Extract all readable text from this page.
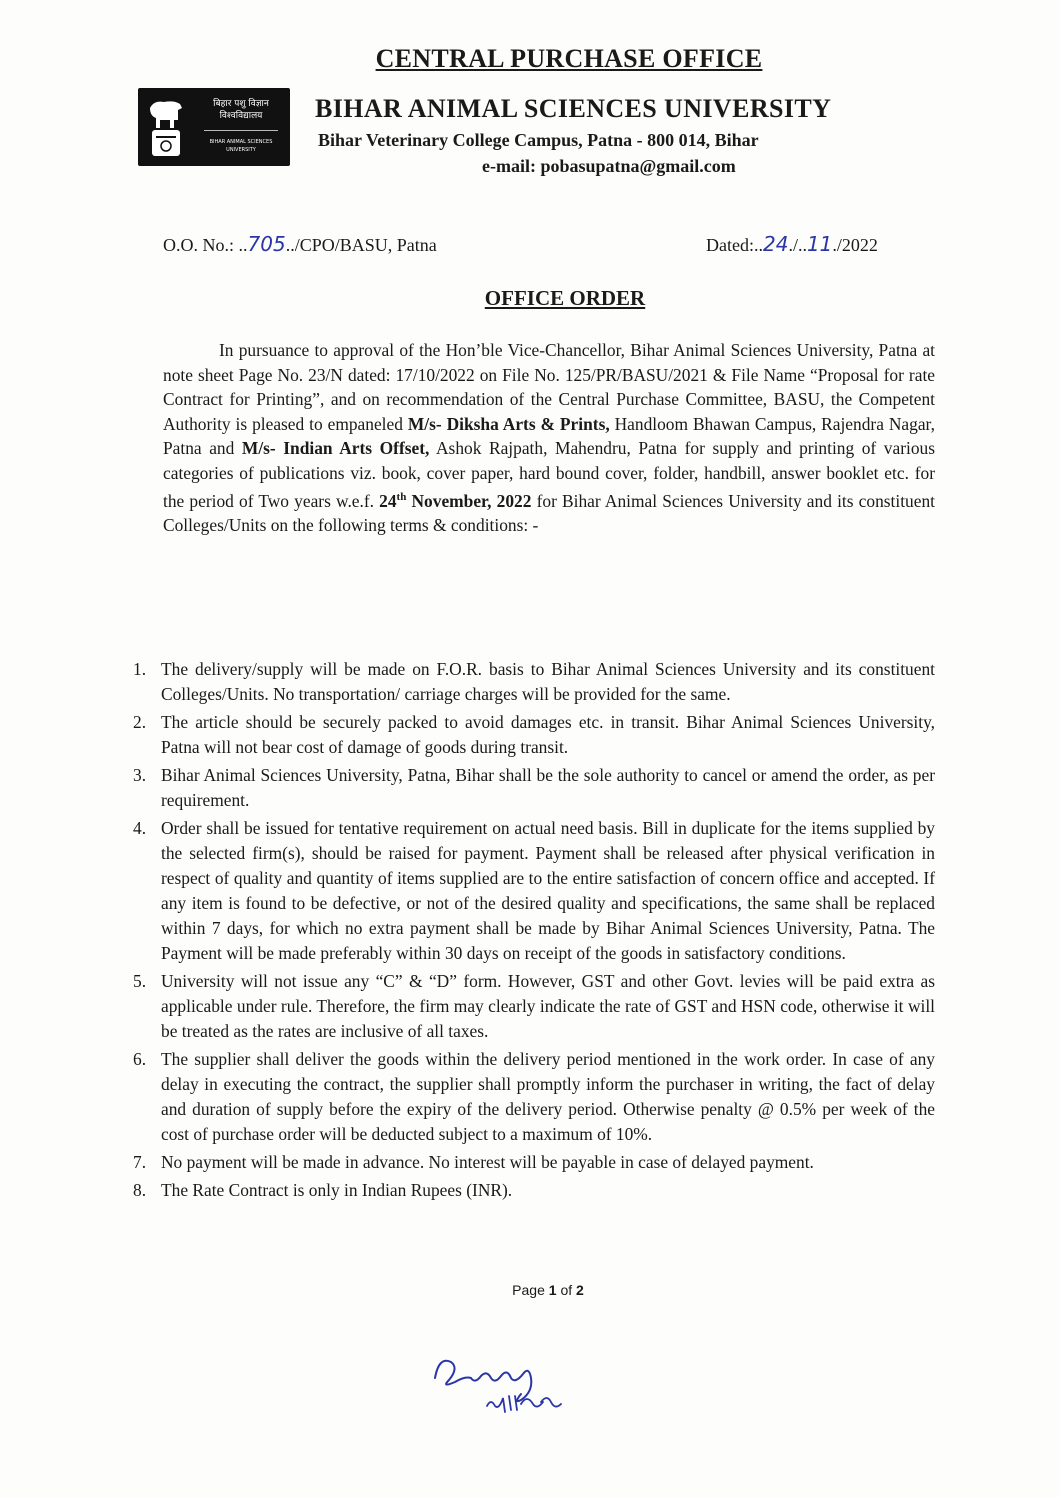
CENTRAL PURCHASE OFFICE
बिहार पशु विज्ञान
विश्वविद्यालय
BIHAR ANIMAL SCIENCES
UNIVERSITY
BIHAR ANIMAL SCIENCES UNIVERSITY
Bihar Veterinary College Campus, Patna - 800 014, Bihar
e-mail: pobasupatna@gmail.com
O.O. No.: ..705../CPO/BASU, Patna	Dated:..24./..11./2022
OFFICE ORDER

In pursuance to approval of the Hon’ble Vice-Chancellor, Bihar Animal Sciences University, Patna at note sheet Page No. 23/N dated: 17/10/2022 on File No. 125/PR/BASU/2021 & File Name “Proposal for rate Contract for Printing”, and on recommendation of the Central Purchase Committee, BASU, the Competent Authority is pleased to empaneled M/s- Diksha Arts & Prints, Handloom Bhawan Campus, Rajendra Nagar, Patna and M/s- Indian Arts Offset, Ashok Rajpath, Mahendru, Patna for supply and printing of various categories of publications viz. book, cover paper, hard bound cover, folder, handbill, answer booklet etc. for the period of Two years w.e.f. 24th November, 2022 for Bihar Animal Sciences University and its constituent Colleges/Units on the following terms & conditions: -

1. The delivery/supply will be made on F.O.R. basis to Bihar Animal Sciences University and its constituent Colleges/Units. No transportation/ carriage charges will be provided for the same.
2. The article should be securely packed to avoid damages etc. in transit. Bihar Animal Sciences University, Patna will not bear cost of damage of goods during transit.
3. Bihar Animal Sciences University, Patna, Bihar shall be the sole authority to cancel or amend the order, as per requirement.
4. Order shall be issued for tentative requirement on actual need basis. Bill in duplicate for the items supplied by the selected firm(s), should be raised for payment. Payment shall be released after physical verification in respect of quality and quantity of items supplied are to the entire satisfaction of concern office and accepted. If any item is found to be defective, or not of the desired quality and specifications, the same shall be replaced within 7 days, for which no extra payment shall be made by Bihar Animal Sciences University, Patna. The Payment will be made preferably within 30 days on receipt of the goods in satisfactory conditions.
5. University will not issue any “C” & “D” form. However, GST and other Govt. levies will be paid extra as applicable under rule. Therefore, the firm may clearly indicate the rate of GST and HSN code, otherwise it will be treated as the rates are inclusive of all taxes.
6. The supplier shall deliver the goods within the delivery period mentioned in the work order. In case of any delay in executing the contract, the supplier shall promptly inform the purchaser in writing, the fact of delay and duration of supply before the expiry of the delivery period. Otherwise penalty @ 0.5% per week of the cost of purchase order will be deducted subject to a maximum of 10%.
7. No payment will be made in advance. No interest will be payable in case of delayed payment.
8. The Rate Contract is only in Indian Rupees (INR).
Page 1 of 2
